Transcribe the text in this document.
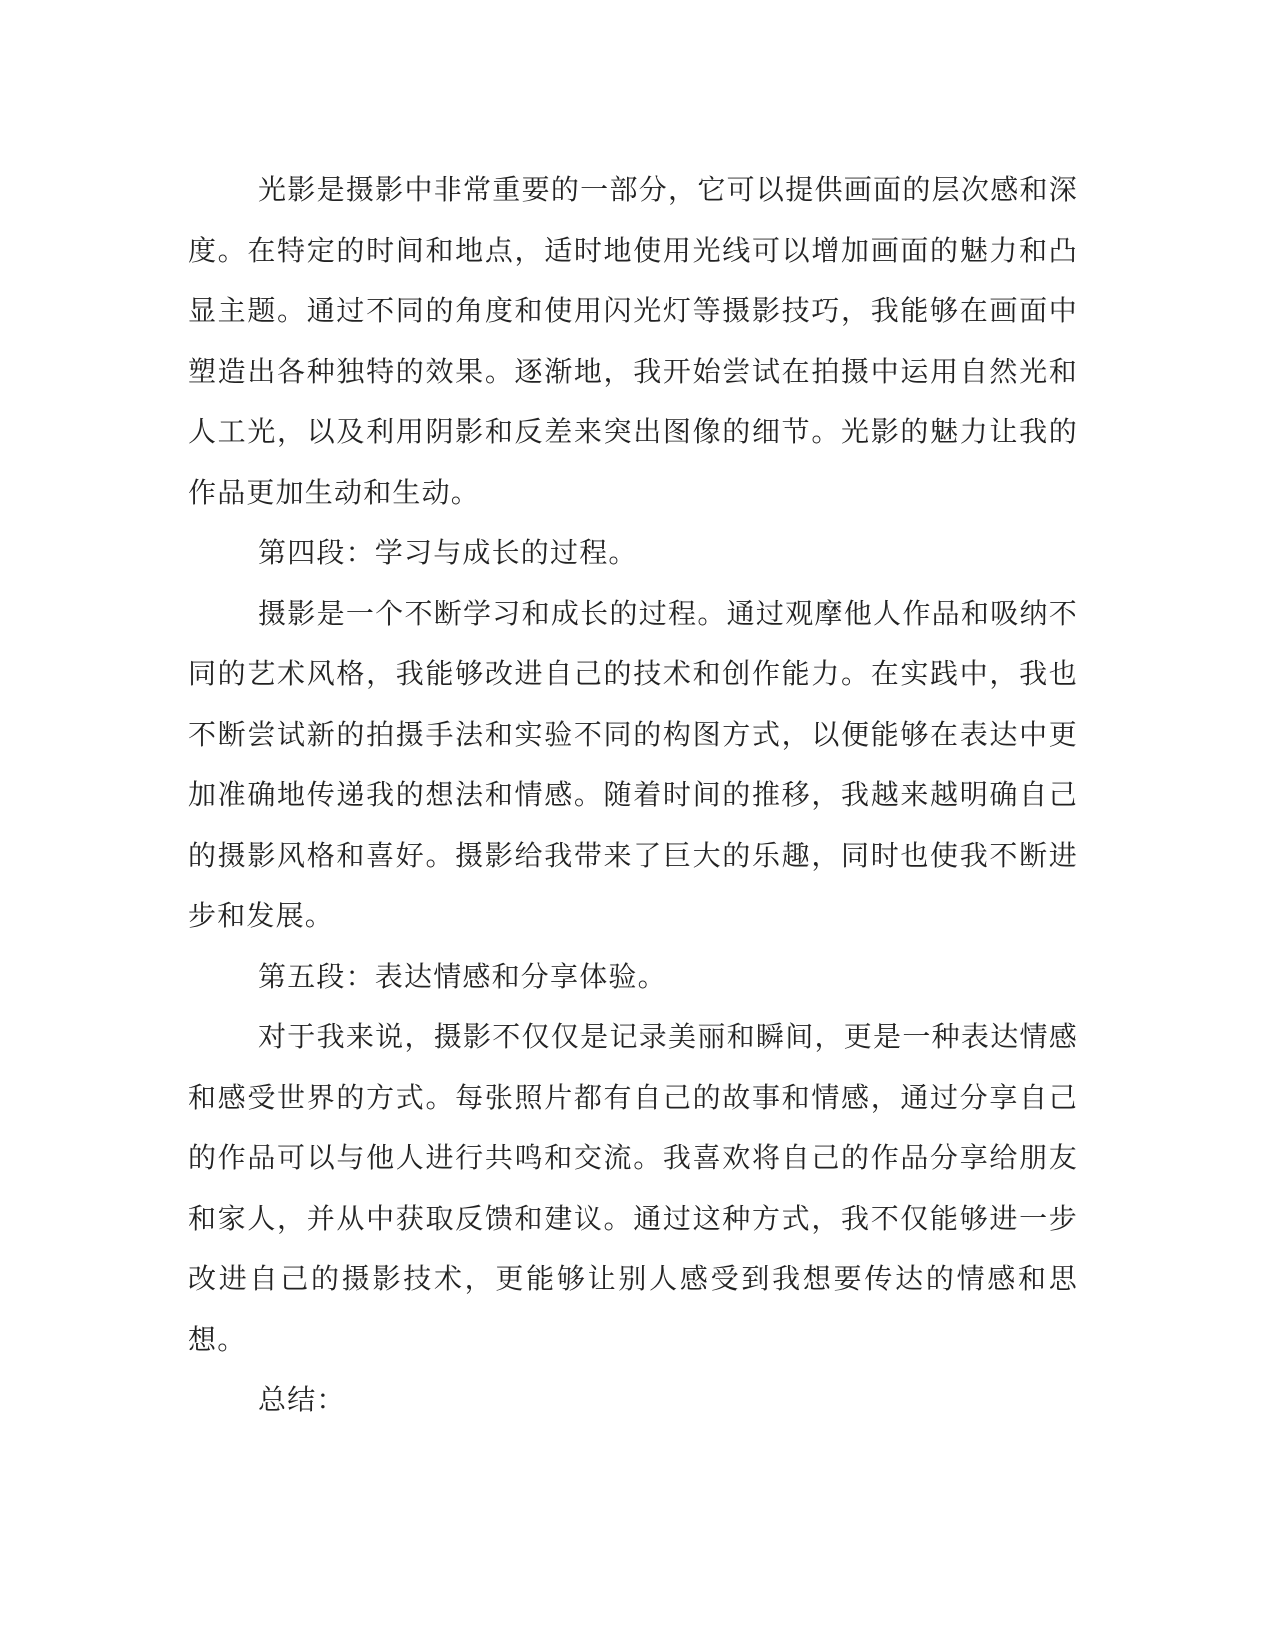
光影是摄影中非常重要的一部分，它可以提供画面的层次感和深度。在特定的时间和地点，适时地使用光线可以增加画面的魅力和凸显主题。通过不同的角度和使用闪光灯等摄影技巧，我能够在画面中塑造出各种独特的效果。逐渐地，我开始尝试在拍摄中运用自然光和人工光，以及利用阴影和反差来突出图像的细节。光影的魅力让我的作品更加生动和生动。

第四段：学习与成长的过程。

摄影是一个不断学习和成长的过程。通过观摩他人作品和吸纳不同的艺术风格，我能够改进自己的技术和创作能力。在实践中，我也不断尝试新的拍摄手法和实验不同的构图方式，以便能够在表达中更加准确地传递我的想法和情感。随着时间的推移，我越来越明确自己的摄影风格和喜好。摄影给我带来了巨大的乐趣，同时也使我不断进步和发展。

第五段：表达情感和分享体验。

对于我来说，摄影不仅仅是记录美丽和瞬间，更是一种表达情感和感受世界的方式。每张照片都有自己的故事和情感，通过分享自己的作品可以与他人进行共鸣和交流。我喜欢将自己的作品分享给朋友和家人，并从中获取反馈和建议。通过这种方式，我不仅能够进一步改进自己的摄影技术，更能够让别人感受到我想要传达的情感和思想。

总结：
